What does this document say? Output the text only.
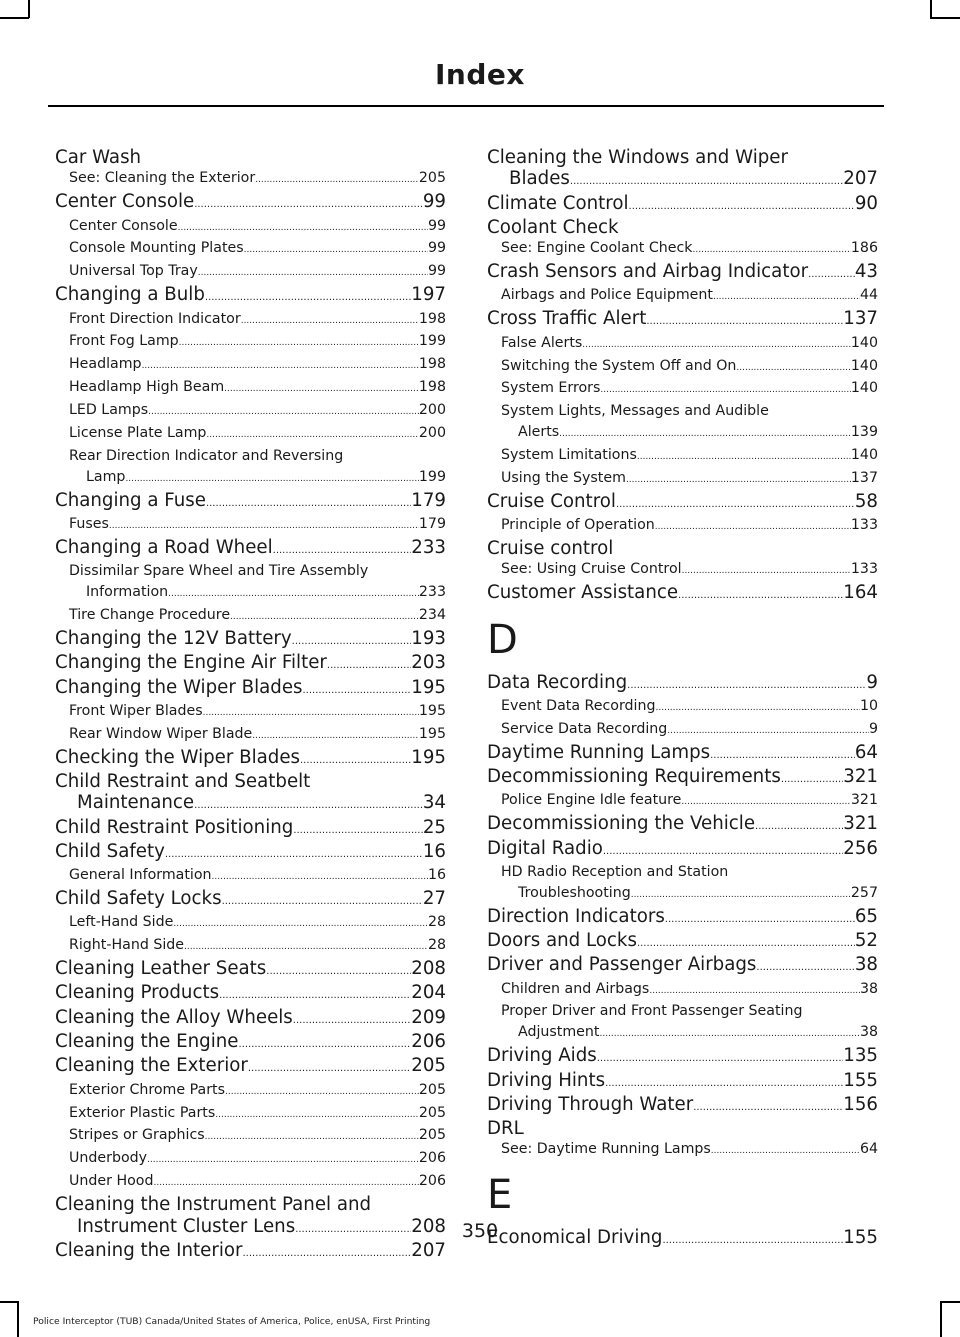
Index
Car Wash
See: Cleaning the Exterior .....	205
Center Console .....	99
Center Console .....	99
Console Mounting Plates .....	99
Universal Top Tray .....	99
Changing a Bulb .....	197
Front Direction Indicator .....	198
Front Fog Lamp .....	199
Headlamp .....	198
Headlamp High Beam .....	198
LED Lamps .....	200
License Plate Lamp .....	200
Rear Direction Indicator and Reversing
Lamp .....	199
Changing a Fuse .....	179
Fuses .....	179
Changing a Road Wheel .....	233
Dissimilar Spare Wheel and Tire Assembly
Information .....	233
Tire Change Procedure .....	234
Changing the 12V Battery .....	193
Changing the Engine Air Filter .....	203
Changing the Wiper Blades .....	195
Front Wiper Blades .....	195
Rear Window Wiper Blade .....	195
Checking the Wiper Blades .....	195
Child Restraint and Seatbelt
Maintenance .....	34
Child Restraint Positioning .....	25
Child Safety .....	16
General Information .....	16
Child Safety Locks .....	27
Left-Hand Side .....	28
Right-Hand Side .....	28
Cleaning Leather Seats .....	208
Cleaning Products .....	204
Cleaning the Alloy Wheels .....	209
Cleaning the Engine .....	206
Cleaning the Exterior .....	205
Exterior Chrome Parts .....	205
Exterior Plastic Parts .....	205
Stripes or Graphics .....	205
Underbody .....	206
Under Hood .....	206
Cleaning the Instrument Panel and
Instrument Cluster Lens .....	208
Cleaning the Interior .....	207
Cleaning the Windows and Wiper
Blades .....	207
Climate Control .....	90
Coolant Check
See: Engine Coolant Check .....	186
Crash Sensors and Airbag Indicator .....	43
Airbags and Police Equipment .....	44
Cross Traffic Alert .....	137
False Alerts .....	140
Switching the System Off and On .....	140
System Errors .....	140
System Lights, Messages and Audible
Alerts .....	139
System Limitations .....	140
Using the System .....	137
Cruise Control .....	58
Principle of Operation .....	133
Cruise control
See: Using Cruise Control .....	133
Customer Assistance .....	164
D
Data Recording .....	9
Event Data Recording .....	10
Service Data Recording .....	9
Daytime Running Lamps .....	64
Decommissioning Requirements .....	321
Police Engine Idle feature .....	321
Decommissioning the Vehicle .....	321
Digital Radio .....	256
HD Radio Reception and Station
Troubleshooting .....	257
Direction Indicators .....	65
Doors and Locks .....	52
Driver and Passenger Airbags .....	38
Children and Airbags .....	38
Proper Driver and Front Passenger Seating
Adjustment .....	38
Driving Aids .....	135
Driving Hints .....	155
Driving Through Water .....	156
DRL
See: Daytime Running Lamps .....	64
E
Economical Driving .....	155
350
Police Interceptor (TUB) Canada/United States of America, Police, enUSA, First Printing
